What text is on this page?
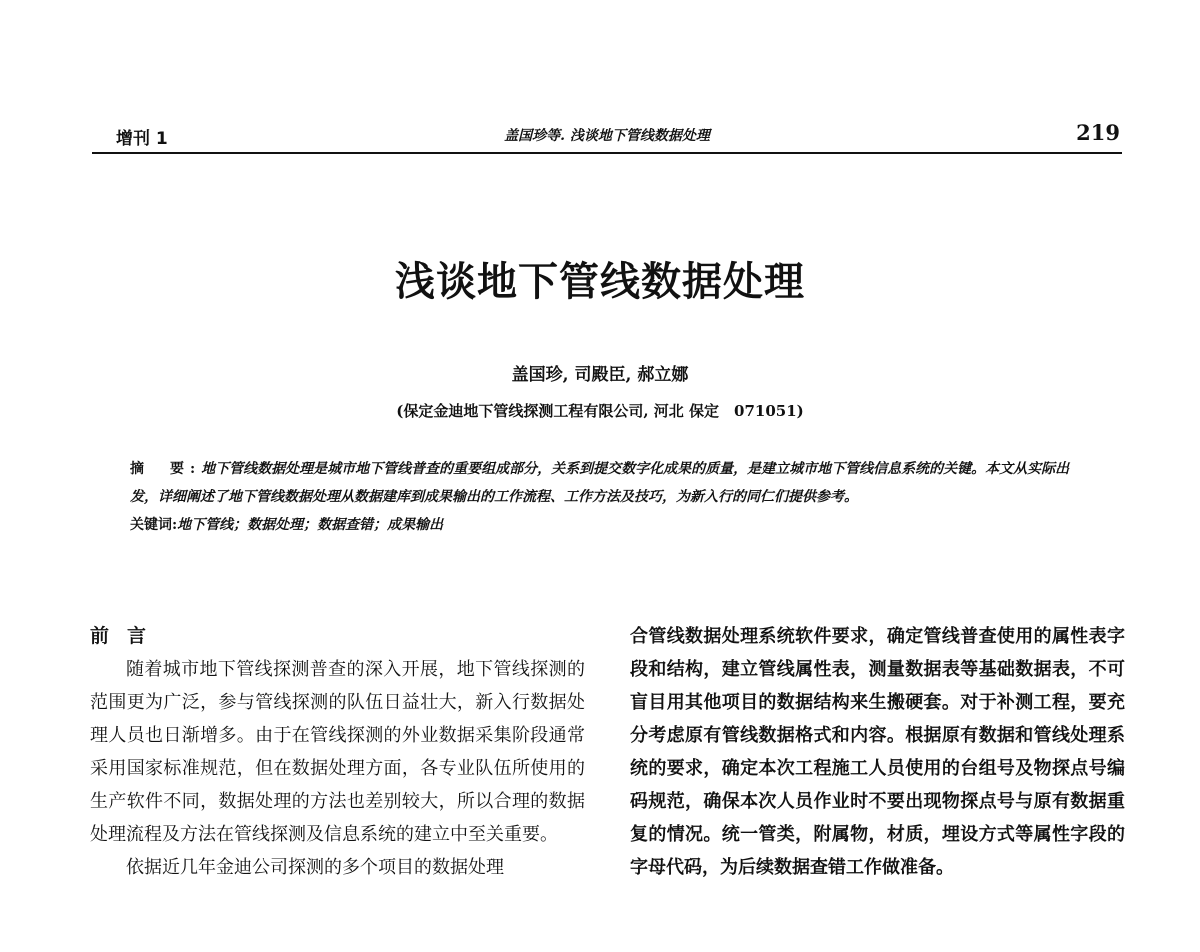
增刊 1	盖国珍等. 浅谈地下管线数据处理	219
浅谈地下管线数据处理
盖国珍, 司殿臣, 郝立娜
(保定金迪地下管线探测工程有限公司, 河北 保定　071051)

摘　要:地下管线数据处理是城市地下管线普查的重要组成部分，关系到提交数字化成果的质量，是建立城市地下管线信息系统的关键。本文从实际出发，详细阐述了地下管线数据处理从数据建库到成果输出的工作流程、工作方法及技巧，为新入行的同仁们提供参考。

关键词:地下管线；数据处理；数据查错；成果输出

前言

随着城市地下管线探测普查的深入开展，地下管线探测的范围更为广泛，参与管线探测的队伍日益壮大，新入行数据处理人员也日渐增多。由于在管线探测的外业数据采集阶段通常采用国家标准规范，但在数据处理方面，各专业队伍所使用的生产软件不同，数据处理的方法也差别较大，所以合理的数据处理流程及方法在管线探测及信息系统的建立中至关重要。

依据近几年金迪公司探测的多个项目的数据处理

合管线数据处理系统软件要求，确定管线普查使用的属性表字段和结构，建立管线属性表，测量数据表等基础数据表，不可盲目用其他项目的数据结构来生搬硬套。对于补测工程，要充分考虑原有管线数据格式和内容。根据原有数据和管线处理系统的要求，确定本次工程施工人员使用的台组号及物探点号编码规范，确保本次人员作业时不要出现物探点号与原有数据重复的情况。统一管类，附属物，材质，埋设方式等属性字段的字母代码，为后续数据查错工作做准备。
